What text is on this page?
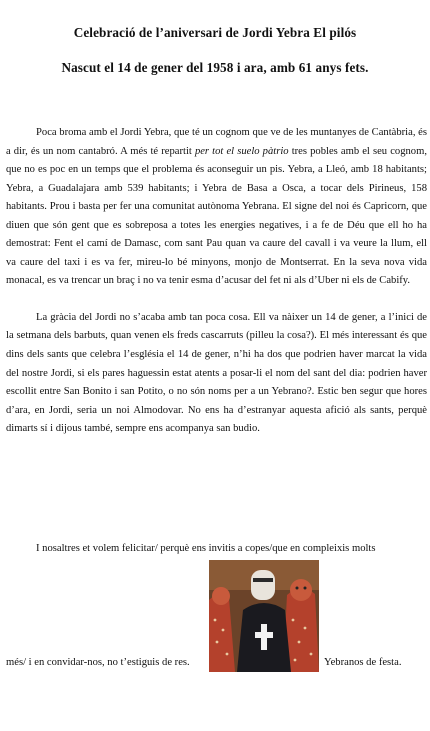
Celebració de l’aniversari de Jordi Yebra El pilós
Nascut el 14 de gener del 1958 i ara, amb 61 anys fets.

Poca broma amb el Jordi Yebra, que té un cognom que ve de les muntanyes de Cantàbria, és a dir, és un nom cantabró. A més té repartit per tot el suelo pàtrio tres pobles amb el seu cognom, que no es poc en un temps que el problema és aconseguir un pis. Yebra, a Lleó, amb 18 habitants; Yebra, a Guadalajara amb 539 habitants; i Yebra de Basa a Osca, a tocar dels Pirineus, 158 habitants. Prou i basta per fer una comunitat autònoma Yebrana. El signe del noi és Capricorn, que diuen que són gent que es sobreposa a totes les energies negatives, i a fe de Déu que ell ho ha demostrat: Fent el camí de Damasc, com sant Pau quan va caure del cavall i va veure la llum, ell va caure del taxi i es va fer, mireu-lo bé minyons, monjo de Montserrat. En la seva nova vida monacal, es va trencar un braç i no va tenir esma d’acusar del fet ni als d’Uber ni els de Cabify.

La gràcia del Jordi no s’acaba amb tan poca cosa. Ell va nàixer un 14 de gener, a l’inici de la setmana dels barbuts, quan venen els freds cascarruts (pilleu la cosa?). El més interessant és que dins dels sants que celebra l’església el 14 de gener, n’hi ha dos que podrien haver marcat la vida del nostre Jordi, si els pares haguessin estat atents a posar-li el nom del sant del dia: podrien haver escollit entre San Bonito i san Potito, o no són noms per a un Yebrano?. Estic ben segur que hores d’ara, en Jordi, seria un noi Almodovar. No ens ha d’estranyar aquesta afició als sants, perquè dimarts sí i dijous també, sempre ens acompanya san budio.

I nosaltres et volem felicitar/ perquè ens invitis a copes/que en compleixis molts
més/ i en convidar-nos, no t’estiguis de res.	Yebranos de festa.
